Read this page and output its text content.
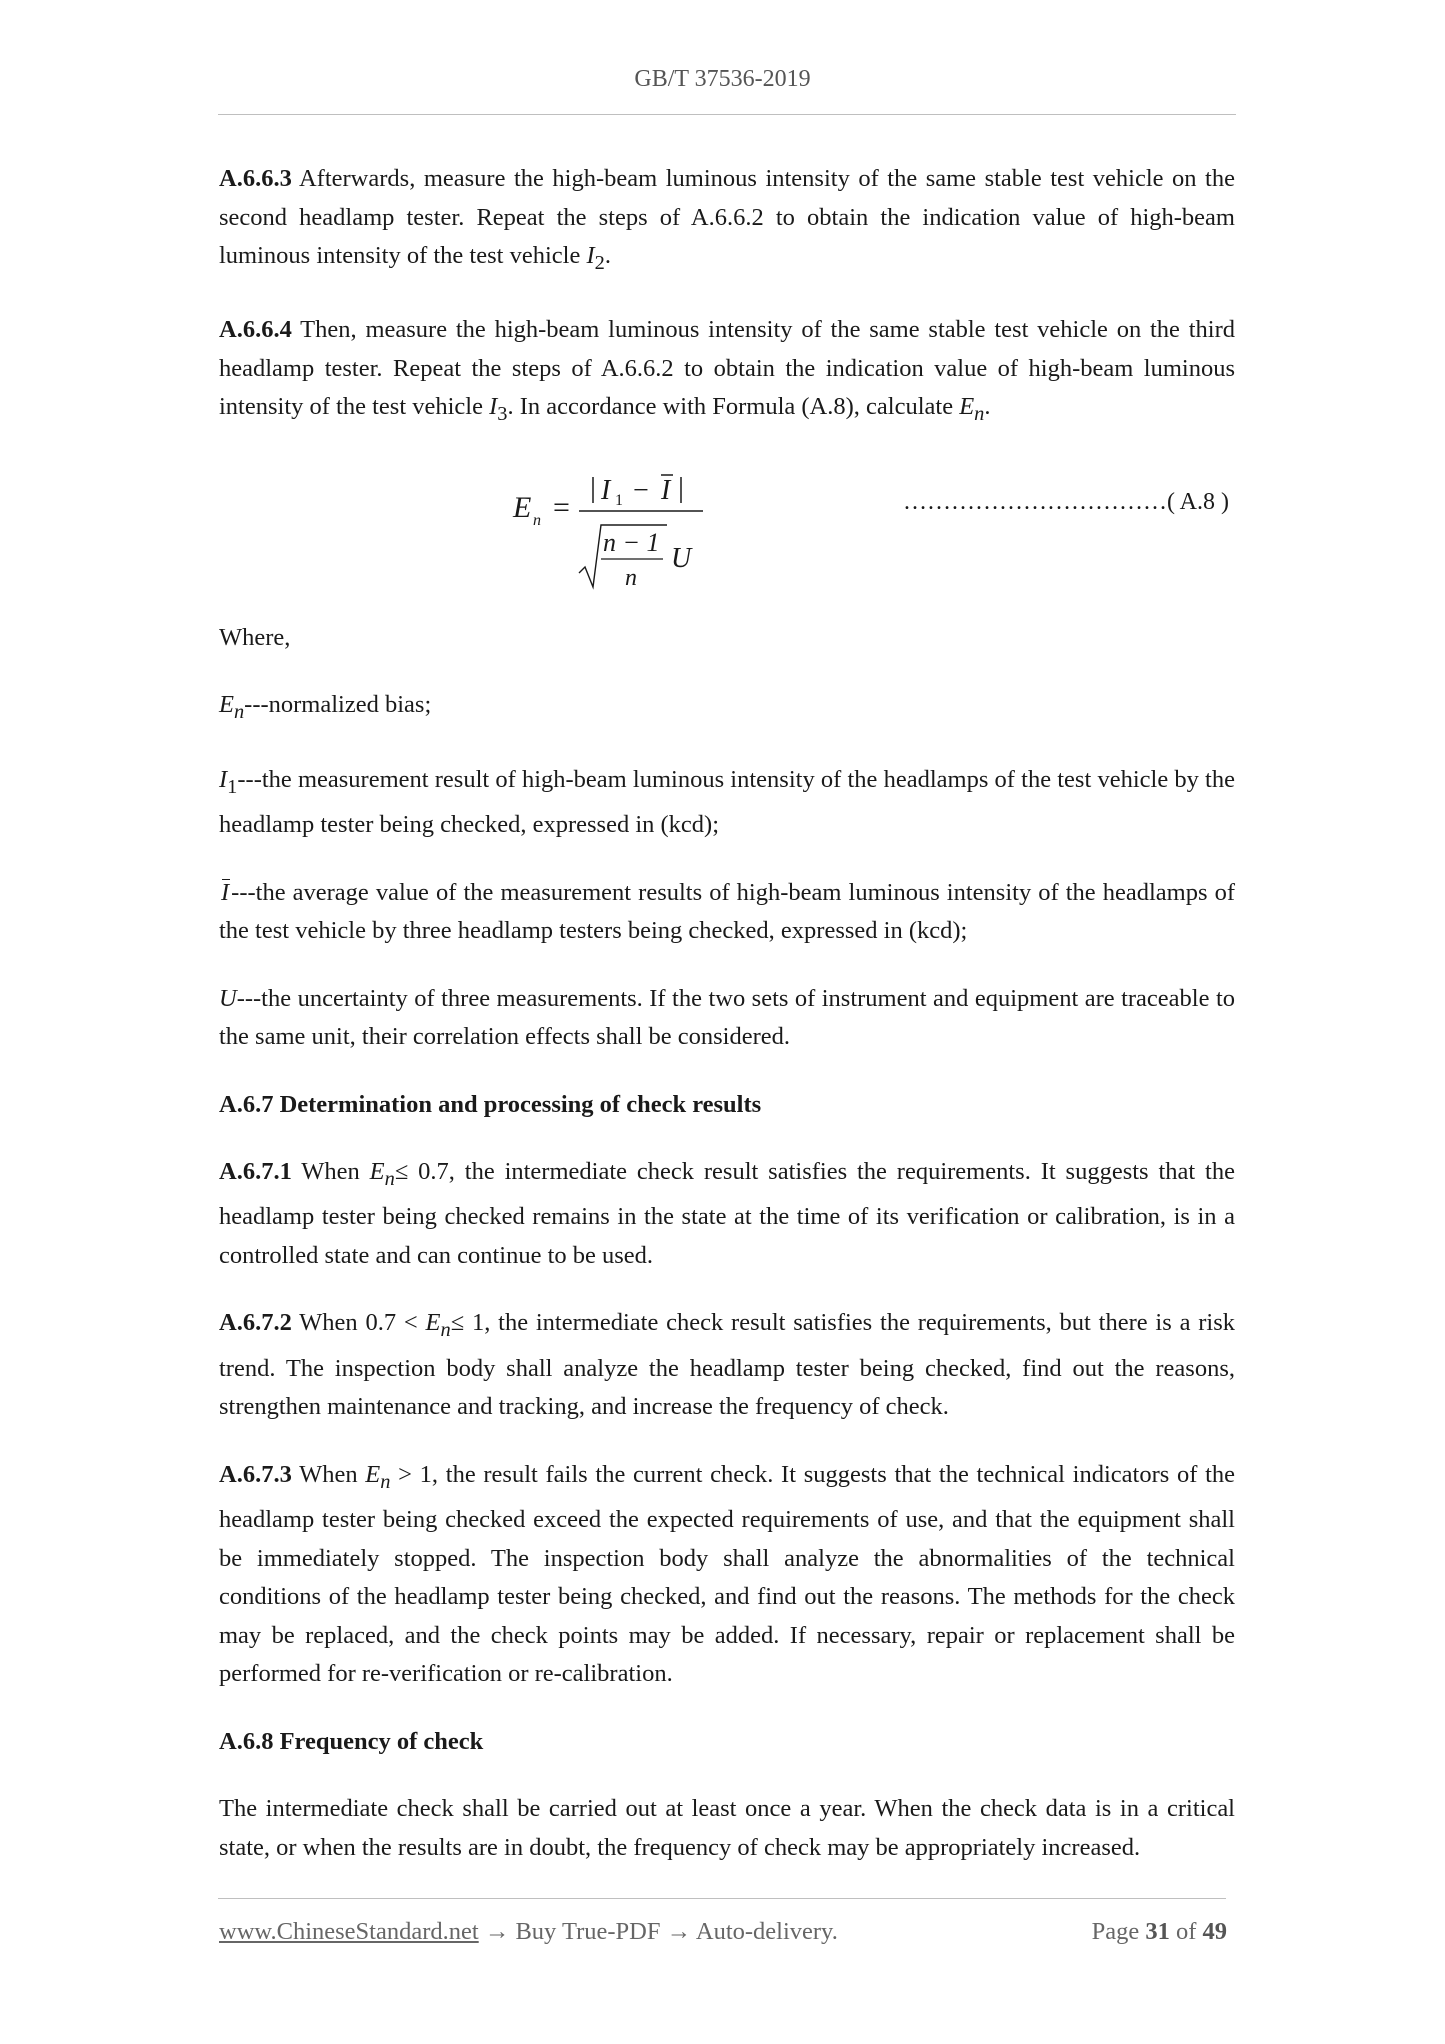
GB/T 37536-2019

A.6.6.3 Afterwards, measure the high-beam luminous intensity of the same stable test vehicle on the second headlamp tester. Repeat the steps of A.6.6.2 to obtain the indication value of high-beam luminous intensity of the test vehicle $I_2$.

A.6.6.4 Then, measure the high-beam luminous intensity of the same stable test vehicle on the third headlamp tester. Repeat the steps of A.6.6.2 to obtain the indication value of high-beam luminous intensity of the test vehicle $I_3$. In accordance with Formula (A.8), calculate $E_n$.

E n =
I 1 − I
n − 1
n
U
……………………………( A.8 )

Where,

$E_n--$-normalized bias;

$I_1--$-the measurement result of high-beam luminous intensity of the headlamps of the test vehicle by the headlamp tester being checked, expressed in (kcd);

I---the average value of the measurement results of high-beam luminous intensity of the headlamps of the test vehicle by three headlamp testers being checked, expressed in (kcd);

U---the uncertainty of three measurements. If the two sets of instrument and equipment are traceable to the same unit, their correlation effects shall be considered.

A.6.7 Determination and processing of check results

A.6.7.1 When $E_n\le 0.7$, the intermediate check result satisfies the requirements. It suggests that the headlamp tester being checked remains in the state at the time of its verification or calibration, is in a controlled state and can continue to be used.

A.6.7.2 When $0.7 < E_n\le 1$, the intermediate check result satisfies the requirements, but there is a risk trend. The inspection body shall analyze the headlamp tester being checked, find out the reasons, strengthen maintenance and tracking, and increase the frequency of check.

A.6.7.3 When $E_n > 1$, the result fails the current check. It suggests that the technical indicators of the headlamp tester being checked exceed the expected requirements of use, and that the equipment shall be immediately stopped. The inspection body shall analyze the abnormalities of the technical conditions of the headlamp tester being checked, and find out the reasons. The methods for the check may be replaced, and the check points may be added. If necessary, repair or replacement shall be performed for re-verification or re-calibration.

A.6.8 Frequency of check

The intermediate check shall be carried out at least once a year. When the check data is in a critical state, or when the results are in doubt, the frequency of check may be appropriately increased.

www.ChineseStandard.net → Buy True-PDF → Auto-delivery.	Page 31 of 49
